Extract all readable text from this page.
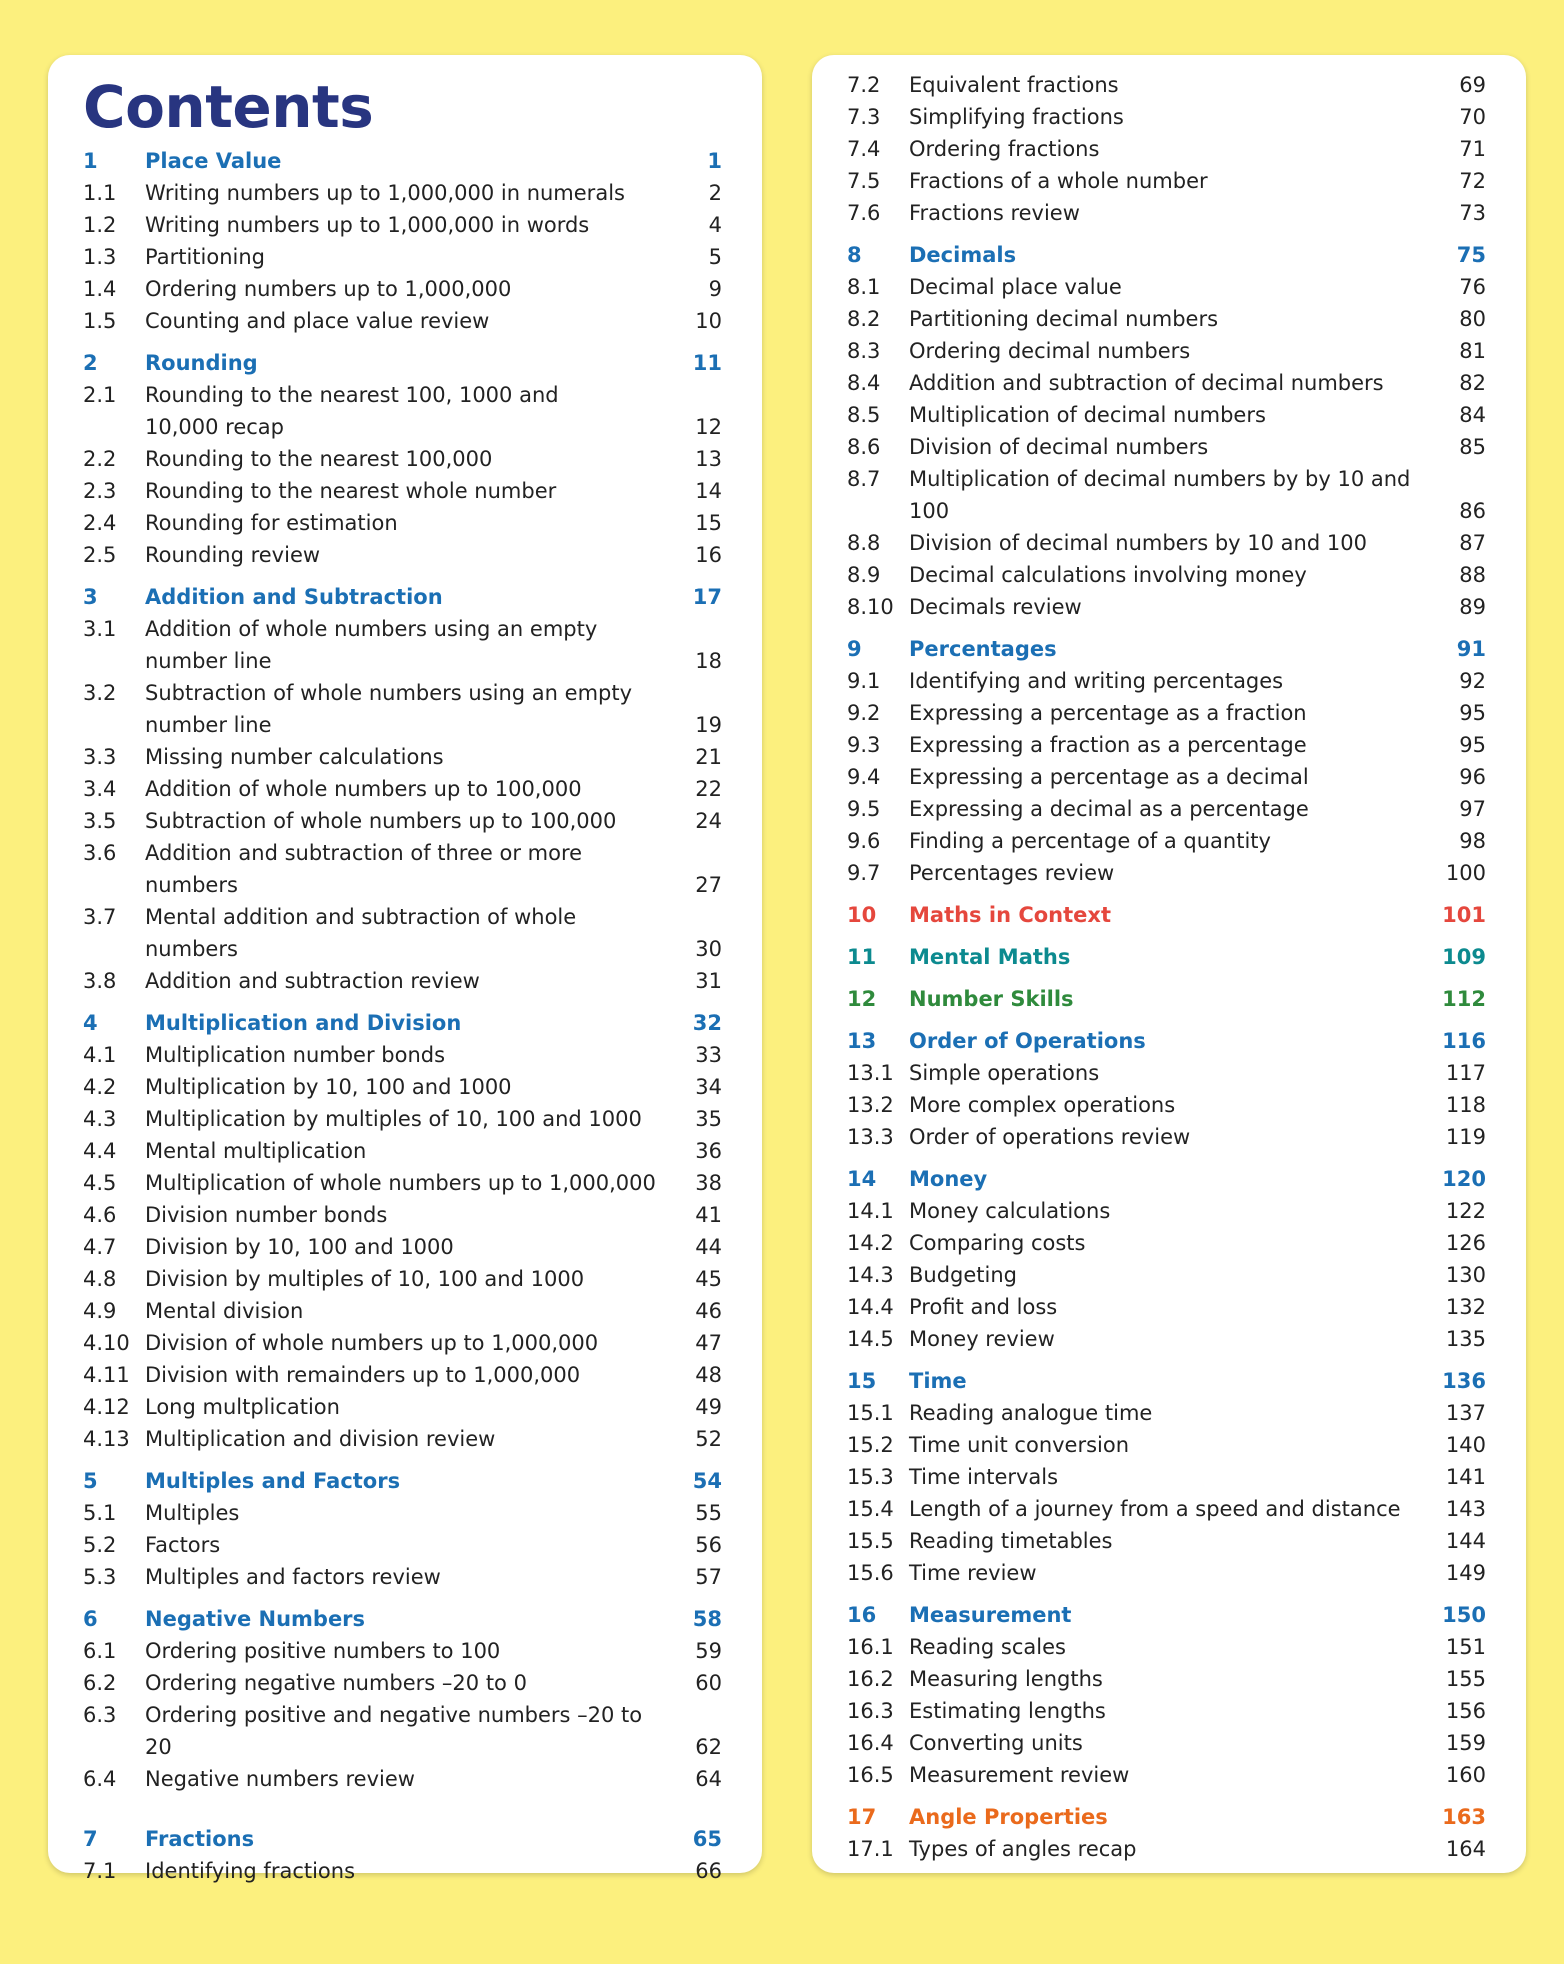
Contents
1	Place Value	1
1.1	Writing numbers up to 1,000,000 in numerals	2
1.2	Writing numbers up to 1,000,000 in words	4
1.3	Partitioning	5
1.4	Ordering numbers up to 1,000,000	9
1.5	Counting and place value review	10
2	Rounding	11
2.1	Rounding to the nearest 100, 1000 and
10,000 recap	12
2.2	Rounding to the nearest 100,000	13
2.3	Rounding to the nearest whole number	14
2.4	Rounding for estimation	15
2.5	Rounding review	16
3	Addition and Subtraction	17
3.1	Addition of whole numbers using an empty
number line	18
3.2	Subtraction of whole numbers using an empty
number line	19
3.3	Missing number calculations	21
3.4	Addition of whole numbers up to 100,000	22
3.5	Subtraction of whole numbers up to 100,000	24
3.6	Addition and subtraction of three or more numbers	27
3.7	Mental addition and subtraction of whole numbers	30
3.8	Addition and subtraction review	31
4	Multiplication and Division	32
4.1	Multiplication number bonds	33
4.2	Multiplication by 10, 100 and 1000	34
4.3	Multiplication by multiples of 10, 100 and 1000	35
4.4	Mental multiplication	36
4.5	Multiplication of whole numbers up to 1,000,000	38
4.6	Division number bonds	41
4.7	Division by 10, 100 and 1000	44
4.8	Division by multiples of 10, 100 and 1000	45
4.9	Mental division	46
4.10 Division of whole numbers up to 1,000,000	47
4.11 Division with remainders up to 1,000,000	48
4.12 Long multplication	49
4.13 Multiplication and division review	52
5	Multiples and Factors	54
5.1	Multiples	55
5.2	Factors	56
5.3	Multiples and factors review	57
6	Negative Numbers	58
6.1	Ordering positive numbers to 100	59
6.2	Ordering negative numbers –20 to 0	60
6.3	Ordering positive and negative numbers –20 to 20	62
6.4	Negative numbers review	64
7	Fractions	65
7.1	Identifying fractions	66
7.2	Equivalent fractions	69
7.3	Simplifying fractions	70
7.4	Ordering fractions	71
7.5	Fractions of a whole number	72
7.6	Fractions review	73
8	Decimals	75
8.1	Decimal place value	76
8.2	Partitioning decimal numbers	80
8.3	Ordering decimal numbers	81
8.4	Addition and subtraction of decimal numbers	82
8.5	Multiplication of decimal numbers	84
8.6	Division of decimal numbers	85
8.7	Multiplication of decimal numbers by by 10 and 100	86
8.8	Division of decimal numbers by 10 and 100	87
8.9	Decimal calculations involving money	88
8.10 Decimals review	89
9	Percentages	91
9.1	Identifying and writing percentages	92
9.2	Expressing a percentage as a fraction	95
9.3	Expressing a fraction as a percentage	95
9.4	Expressing a percentage as a decimal	96
9.5	Expressing a decimal as a percentage	97
9.6	Finding a percentage of a quantity	98
9.7	Percentages review	100
10	Maths in Context	101
11	Mental Maths	109
12	Number Skills	112
13	Order of Operations	116
13.1 Simple operations	117
13.2 More complex operations	118
13.3 Order of operations review	119
14	Money	120
14.1 Money calculations	122
14.2 Comparing costs	126
14.3 Budgeting	130
14.4 Profit and loss	132
14.5 Money review	135
15	Time	136
15.1 Reading analogue time	137
15.2 Time unit conversion	140
15.3 Time intervals	141
15.4 Length of a journey from a speed and distance	143
15.5 Reading timetables	144
15.6 Time review	149
16	Measurement	150
16.1 Reading scales	151
16.2 Measuring lengths	155
16.3 Estimating lengths	156
16.4 Converting units	159
16.5 Measurement review	160
17	Angle Properties	163
17.1 Types of angles recap	164
